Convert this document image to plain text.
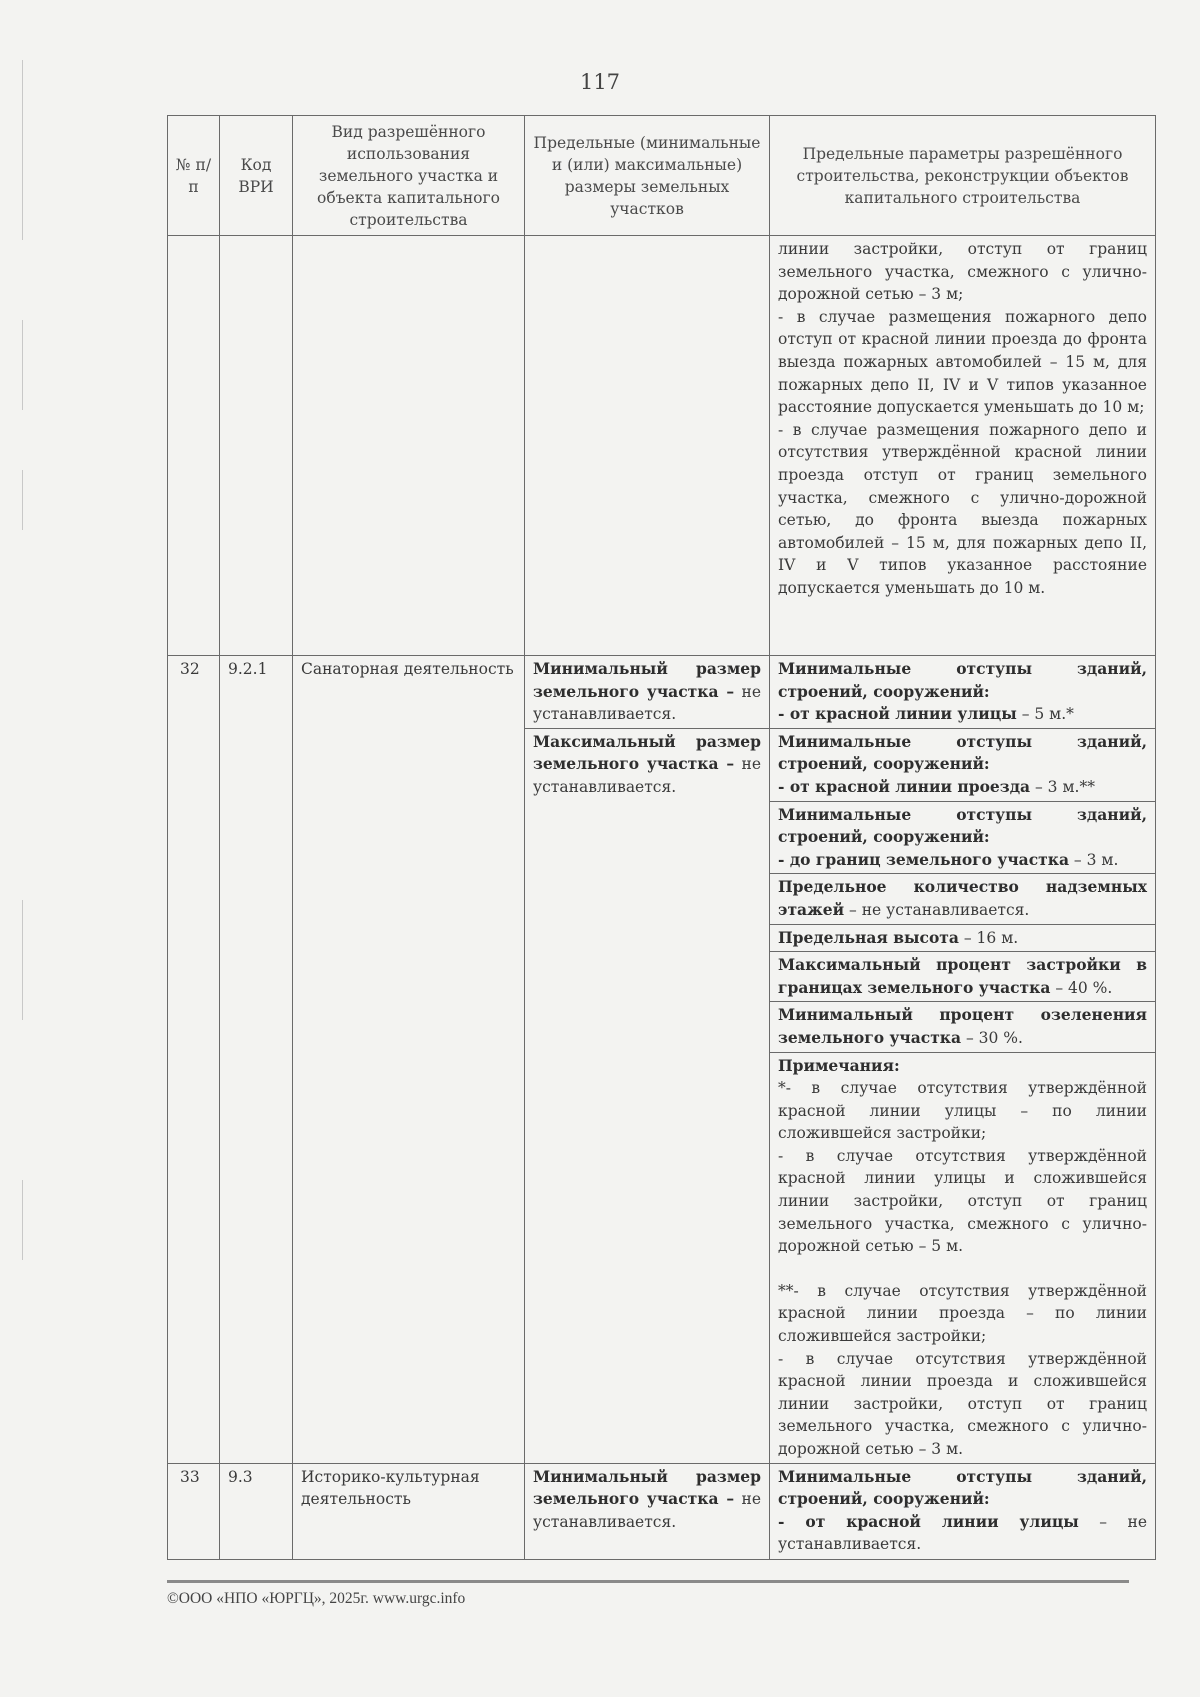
117
№ п/п	Код ВРИ	Вид разрешённого использования земельного участка и объекта капитального строительства	Предельные (минимальные и (или) максимальные) размеры земельных участков	Предельные параметры разрешённого строительства, реконструкции объектов капитального строительства

				линии застройки, отступ от границ земельного участка, смежного с улично-дорожной сетью – 3 м;

- в случае размещения пожарного депо отступ от красной линии проезда до фронта выезда пожарных автомобилей – 15 м, для пожарных депо II, IV и V типов указанное расстояние допускается уменьшать до 10 м;

- в случае размещения пожарного депо и отсутствия утверждённой красной линии проезда отступ от границ земельного участка, смежного с улично-дорожной сетью, до фронта выезда пожарных автомобилей – 15 м, для пожарных депо II, IV и V типов указанное расстояние допускается уменьшать до 10 м.

32	9.2.1	Санаторная деятельность	Минимальный размер земельного участка – не устанавливается.	Минимальные отступы зданий, строений, сооружений:
- от красной линии улицы – 5 м.*
			Максимальный размер земельного участка – не устанавливается.	Минимальные отступы зданий, строений, сооружений:
- от красной линии проезда – 3 м.**
				Минимальные отступы зданий, строений, сооружений:
- до границ земельного участка – 3 м.
				Предельное количество надземных этажей – не устанавливается.
				Предельная высота – 16 м.
				Максимальный процент застройки в границах земельного участка – 40 %.
				Минимальный процент озеленения земельного участка – 30 %.
				Примечания:
*- в случае отсутствия утверждённой красной линии улицы – по линии сложившейся застройки;
- в случае отсутствия утверждённой красной линии улицы и сложившейся линии застройки, отступ от границ земельного участка, смежного с улично-дорожной сетью – 5 м.
**- в случае отсутствия утверждённой красной линии проезда – по линии сложившейся застройки;
- в случае отсутствия утверждённой красной линии проезда и сложившейся линии застройки, отступ от границ земельного участка, смежного с улично-дорожной сетью – 3 м.

33	9.3	Историко-культурная деятельность	Минимальный размер земельного участка – не устанавливается.	Минимальные отступы зданий, строений, сооружений:
- от красной линии улицы – не устанавливается.
©ООО «НПО «ЮРГЦ», 2025г. www.urgc.info
